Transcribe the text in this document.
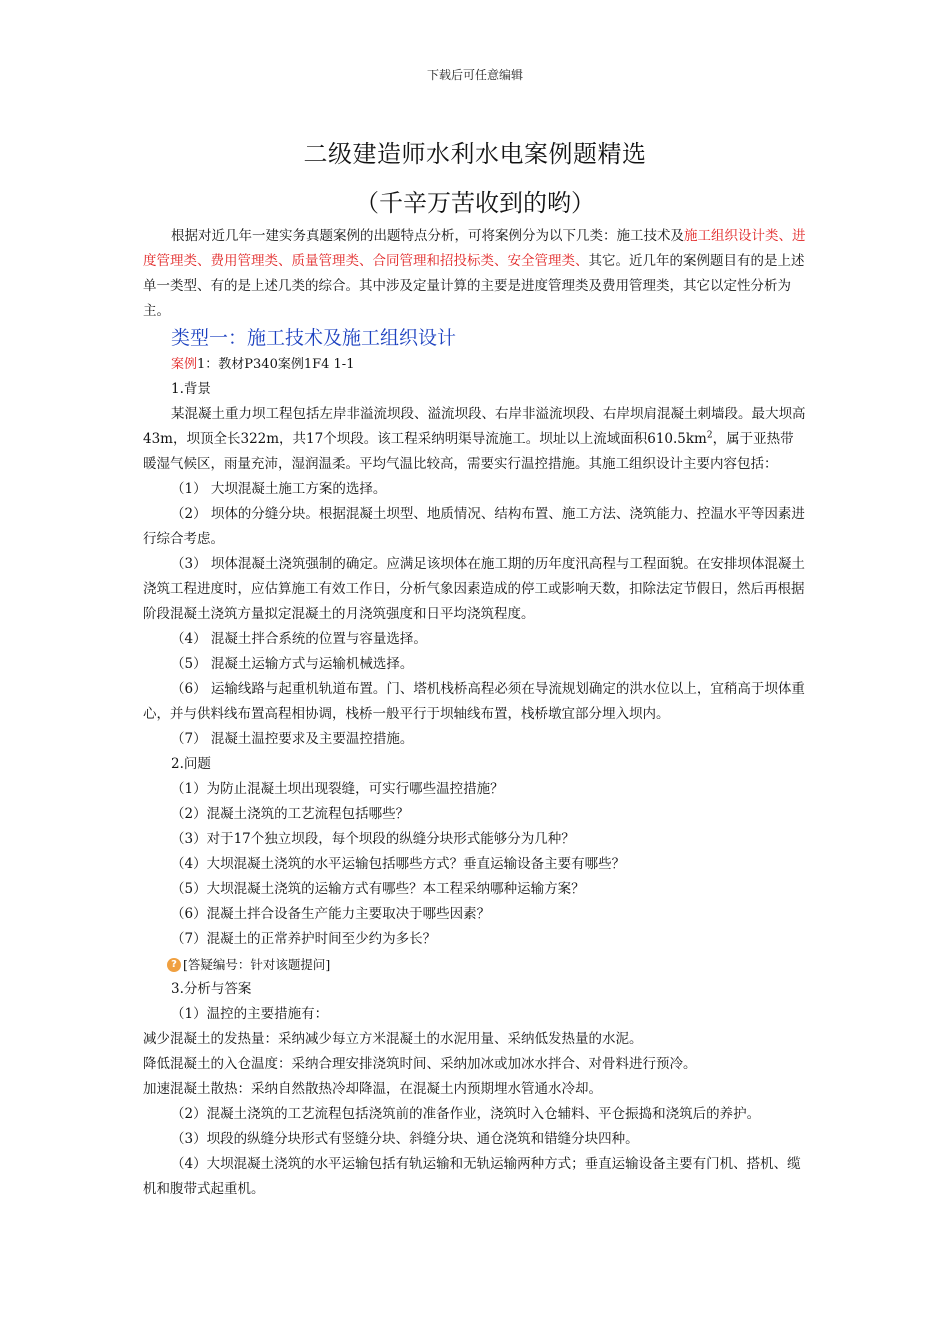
下载后可任意编辑
二级建造师水利水电案例题精选
（千辛万苦收到的哟）

根据对近几年一建实务真题案例的出题特点分析，可将案例分为以下几类：施工技术及施工组织设计类、进度管理类、费用管理类、质量管理类、合同管理和招投标类、安全管理类、其它。近几年的案例题目有的是上述单一类型、有的是上述几类的综合。其中涉及定量计算的主要是进度管理类及费用管理类，其它以定性分析为主。

类型一：施工技术及施工组织设计

案例1：教材P340案例1F4 1-1

1.背景

某混凝土重力坝工程包括左岸非溢流坝段、溢流坝段、右岸非溢流坝段、右岸坝肩混凝土刺墙段。最大坝高43m，坝顶全长322m，共17个坝段。该工程采纳明渠导流施工。坝址以上流域面积$610.5km^2$，属于亚热带暖湿气候区，雨量充沛，湿润温柔。平均气温比较高，需要实行温控措施。其施工组织设计主要内容包括：

（1） 大坝混凝土施工方案的选择。

（2） 坝体的分缝分块。根据混凝土坝型、地质情况、结构布置、施工方法、浇筑能力、控温水平等因素进行综合考虑。

（3） 坝体混凝土浇筑强制的确定。应满足该坝体在施工期的历年度汛高程与工程面貌。在安排坝体混凝土浇筑工程进度时，应估算施工有效工作日，分析气象因素造成的停工或影响天数，扣除法定节假日，然后再根据阶段混凝土浇筑方量拟定混凝土的月浇筑强度和日平均浇筑程度。

（4） 混凝土拌合系统的位置与容量选择。

（5） 混凝土运输方式与运输机械选择。

（6） 运输线路与起重机轨道布置。门、塔机栈桥高程必须在导流规划确定的洪水位以上，宜稍高于坝体重心，并与供料线布置高程相协调，栈桥一般平行于坝轴线布置，栈桥墩宜部分埋入坝内。

（7） 混凝土温控要求及主要温控措施。

2.问题

（1）为防止混凝土坝出现裂缝，可实行哪些温控措施？

（2）混凝土浇筑的工艺流程包括哪些？

（3）对于17个独立坝段，每个坝段的纵缝分块形式能够分为几种？

（4）大坝混凝土浇筑的水平运输包括哪些方式？垂直运输设备主要有哪些？

（5）大坝混凝土浇筑的运输方式有哪些？本工程采纳哪种运输方案？

（6）混凝土拌合设备生产能力主要取决于哪些因素？

（7）混凝土的正常养护时间至少约为多长？

? [答疑编号：针对该题提问]

3.分析与答案

（1）温控的主要措施有：

减少混凝土的发热量：采纳减少每立方米混凝土的水泥用量、采纳低发热量的水泥。

降低混凝土的入仓温度：采纳合理安排浇筑时间、采纳加冰或加冰水拌合、对骨料进行预冷。

加速混凝土散热：采纳自然散热冷却降温，在混凝土内预期埋水管通水冷却。

（2）混凝土浇筑的工艺流程包括浇筑前的准备作业，浇筑时入仓辅料、平仓振捣和浇筑后的养护。

（3）坝段的纵缝分块形式有竖缝分块、斜缝分块、通仓浇筑和错缝分块四种。

（4）大坝混凝土浇筑的水平运输包括有轨运输和无轨运输两种方式；垂直运输设备主要有门机、搭机、缆机和腹带式起重机。
